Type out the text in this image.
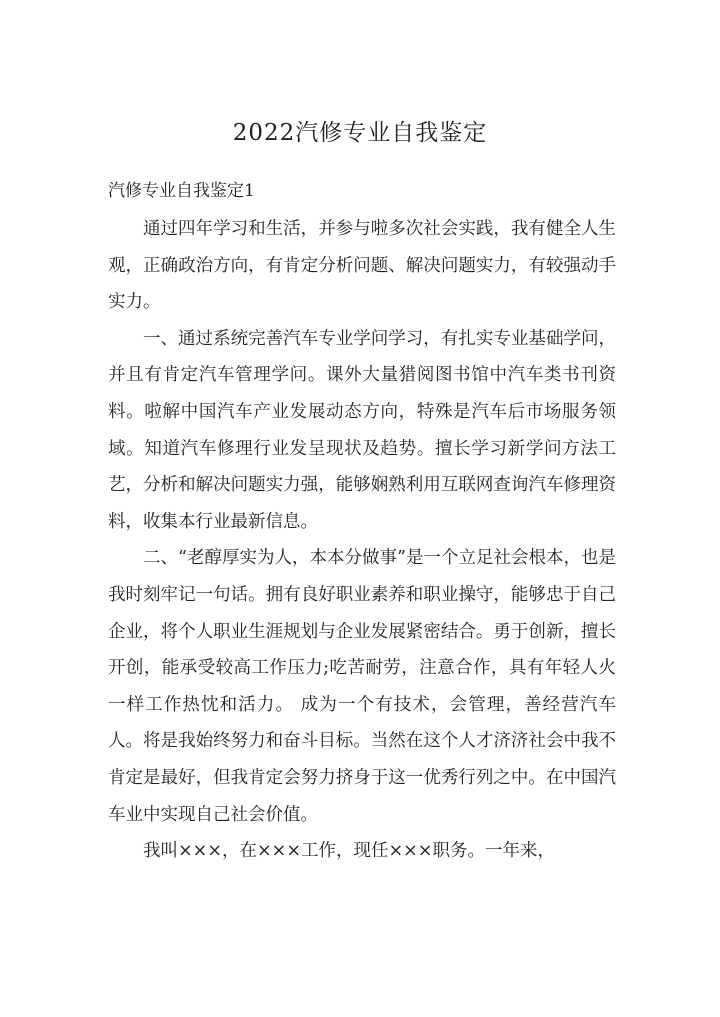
2022汽修专业自我鉴定

汽修专业自我鉴定1

通过四年学习和生活，并参与啦多次社会实践，我有健全人生观，正确政治方向，有肯定分析问题、解决问题实力，有较强动手实力。

一、通过系统完善汽车专业学问学习，有扎实专业基础学问，并且有肯定汽车管理学问。课外大量猎阅图书馆中汽车类书刊资料。啦解中国汽车产业发展动态方向，特殊是汽车后市场服务领域。知道汽车修理行业发呈现状及趋势。擅长学习新学问方法工艺，分析和解决问题实力强，能够娴熟利用互联网查询汽车修理资料，收集本行业最新信息。

二、“老醇厚实为人，本本分做事”是一个立足社会根本，也是我时刻牢记一句话。拥有良好职业素养和职业操守，能够忠于自己企业，将个人职业生涯规划与企业发展紧密结合。勇于创新，擅长开创，能承受较高工作压力;吃苦耐劳，注意合作，具有年轻人火一样工作热忱和活力。 成为一个有技术，会管理，善经营汽车人。将是我始终努力和奋斗目标。当然在这个人才济济社会中我不肯定是最好，但我肯定会努力挤身于这一优秀行列之中。在中国汽车业中实现自己社会价值。

我叫×××，在×××工作，现任×××职务。一年来，
